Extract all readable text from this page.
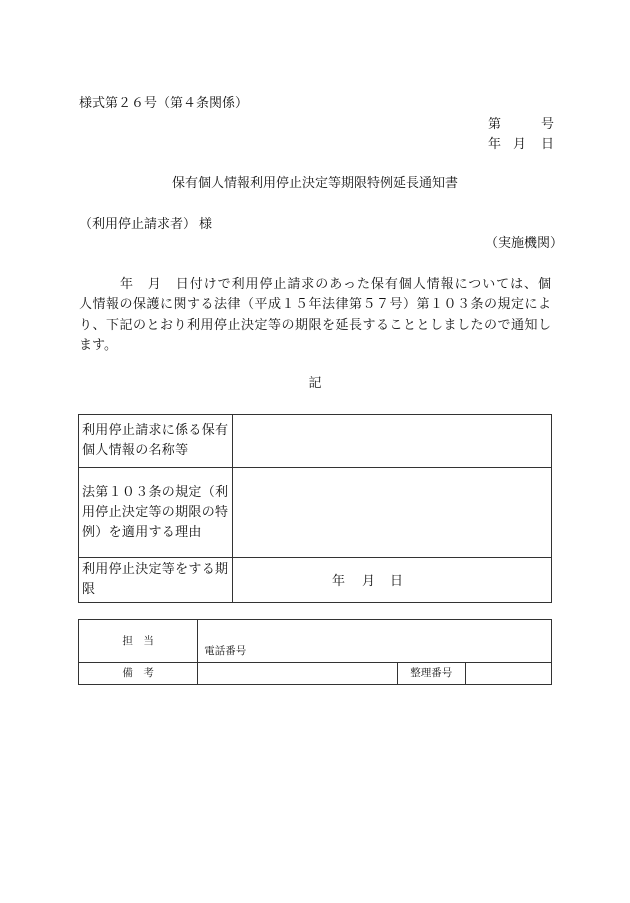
様式第２６号（第４条関係）
第	号
年 月 日
保有個人情報利用停止決定等期限特例延長通知書
（利用停止請求者） 様
（実施機関）
年　月　日付けで利用停止請求のあった保有個人情報については、個
人情報の保護に関する法律（平成１５年法律第５７号）第１０３条の規定によ
り、下記のとおり利用停止決定等の期限を延長することとしましたので通知し
ます。
記
利用停止請求に係る保有個人情報の名称等	
法第１０３条の規定（利用停止決定等の期限の特例）を適用する理由	
利用停止決定等をする期限	年 月 日
担　当	電話番号		
備　考		整理番号	
